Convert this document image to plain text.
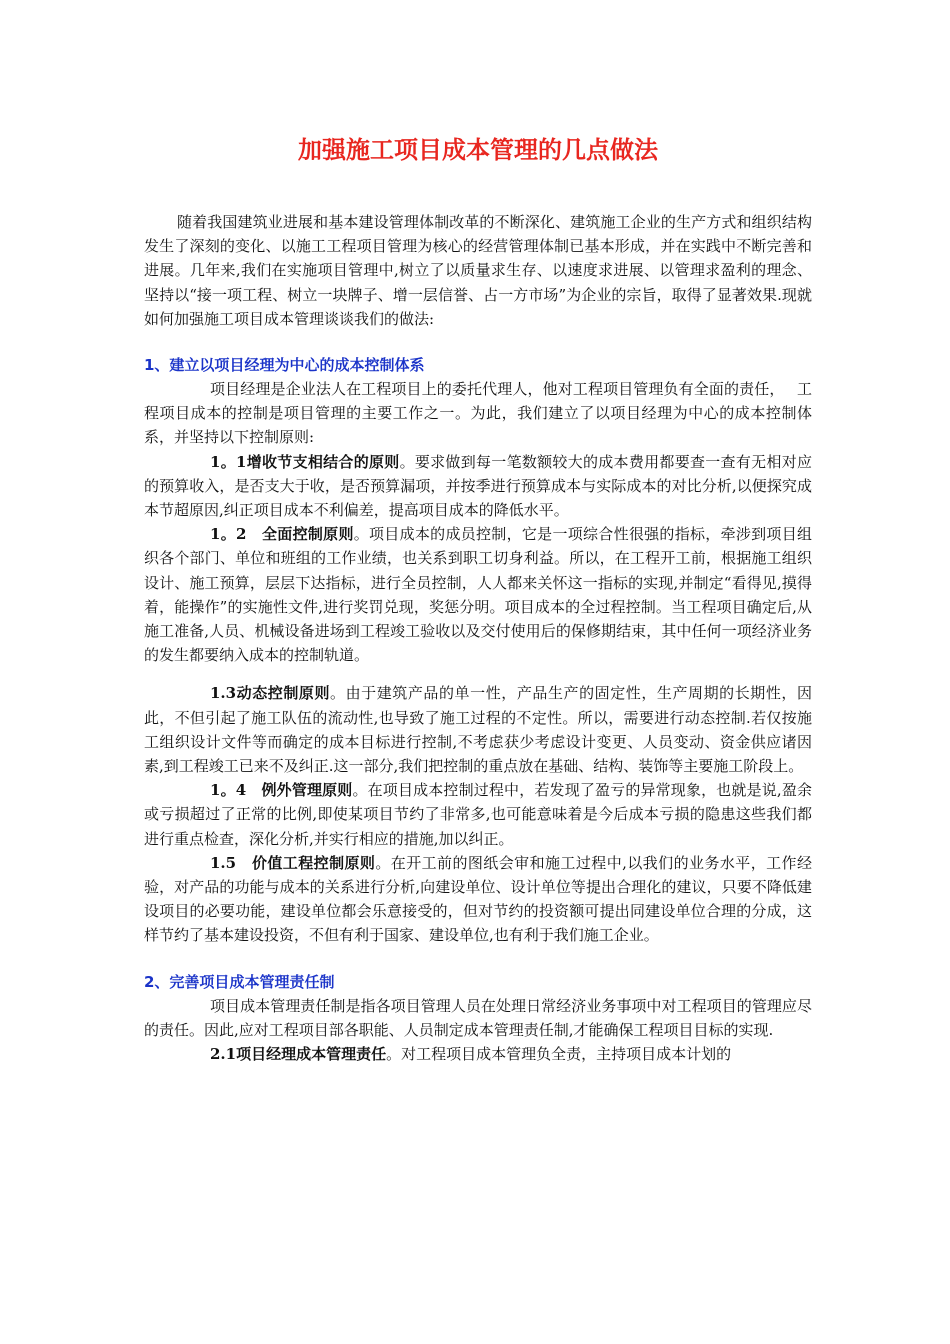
加强施工项目成本管理的几点做法

随着我国建筑业进展和基本建设管理体制改革的不断深化、建筑施工企业的生产方式和组织结构发生了深刻的变化、以施工工程项目管理为核心的经营管理体制已基本形成，并在实践中不断完善和进展。几年来,我们在实施项目管理中,树立了以质量求生存、以速度求进展、以管理求盈利的理念、坚持以“接一项工程、树立一块牌子、增一层信誉、占一方市场”为企业的宗旨，取得了显著效果.现就如何加强施工项目成本管理谈谈我们的做法:

1、建立以项目经理为中心的成本控制体系

项目经理是企业法人在工程项目上的委托代理人，他对工程项目管理负有全面的责任，　 工程项目成本的控制是项目管理的主要工作之一。为此，我们建立了以项目经理为中心的成本控制体系，并坚持以下控制原则:

1。1增收节支相结合的原则。要求做到每一笔数额较大的成本费用都要查一查有无相对应的预算收入，是否支大于收，是否预算漏项，并按季进行预算成本与实际成本的对比分析,以便探究成本节超原因,纠正项目成本不利偏差，提高项目成本的降低水平。

1。2　全面控制原则。项目成本的成员控制，它是一项综合性很强的指标，牵涉到项目组织各个部门、单位和班组的工作业绩，也关系到职工切身利益。所以，在工程开工前，根据施工组织设计、施工预算，层层下达指标，进行全员控制，人人都来关怀这一指标的实现,并制定“看得见,摸得着，能操作”的实施性文件,进行奖罚兑现，奖惩分明。项目成本的全过程控制。当工程项目确定后,从施工准备,人员、机械设备进场到工程竣工验收以及交付使用后的保修期结束，其中任何一项经济业务的发生都要纳入成本的控制轨道。

1.3动态控制原则。由于建筑产品的单一性，产品生产的固定性，生产周期的长期性，因此，不但引起了施工队伍的流动性,也导致了施工过程的不定性。所以，需要进行动态控制.若仅按施工组织设计文件等而确定的成本目标进行控制,不考虑获少考虑设计变更、人员变动、资金供应诸因素,到工程竣工已来不及纠正.这一部分,我们把控制的重点放在基础、结构、装饰等主要施工阶段上。

1。4　例外管理原则。在项目成本控制过程中，若发现了盈亏的异常现象，也就是说,盈余或亏损超过了正常的比例,即使某项目节约了非常多,也可能意味着是今后成本亏损的隐患这些我们都进行重点检查，深化分析,并实行相应的措施,加以纠正。

1.5　价值工程控制原则。在开工前的图纸会审和施工过程中,以我们的业务水平，工作经验，对产品的功能与成本的关系进行分析,向建设单位、设计单位等提出合理化的建议，只要不降低建设项目的必要功能，建设单位都会乐意接受的，但对节约的投资额可提出同建设单位合理的分成，这样节约了基本建设投资，不但有利于国家、建设单位,也有利于我们施工企业。

2、完善项目成本管理责任制

项目成本管理责任制是指各项目管理人员在处理日常经济业务事项中对工程项目的管理应尽的责任。因此,应对工程项目部各职能、人员制定成本管理责任制,才能确保工程项目目标的实现.

2.1项目经理成本管理责任。对工程项目成本管理负全责，主持项目成本计划的
